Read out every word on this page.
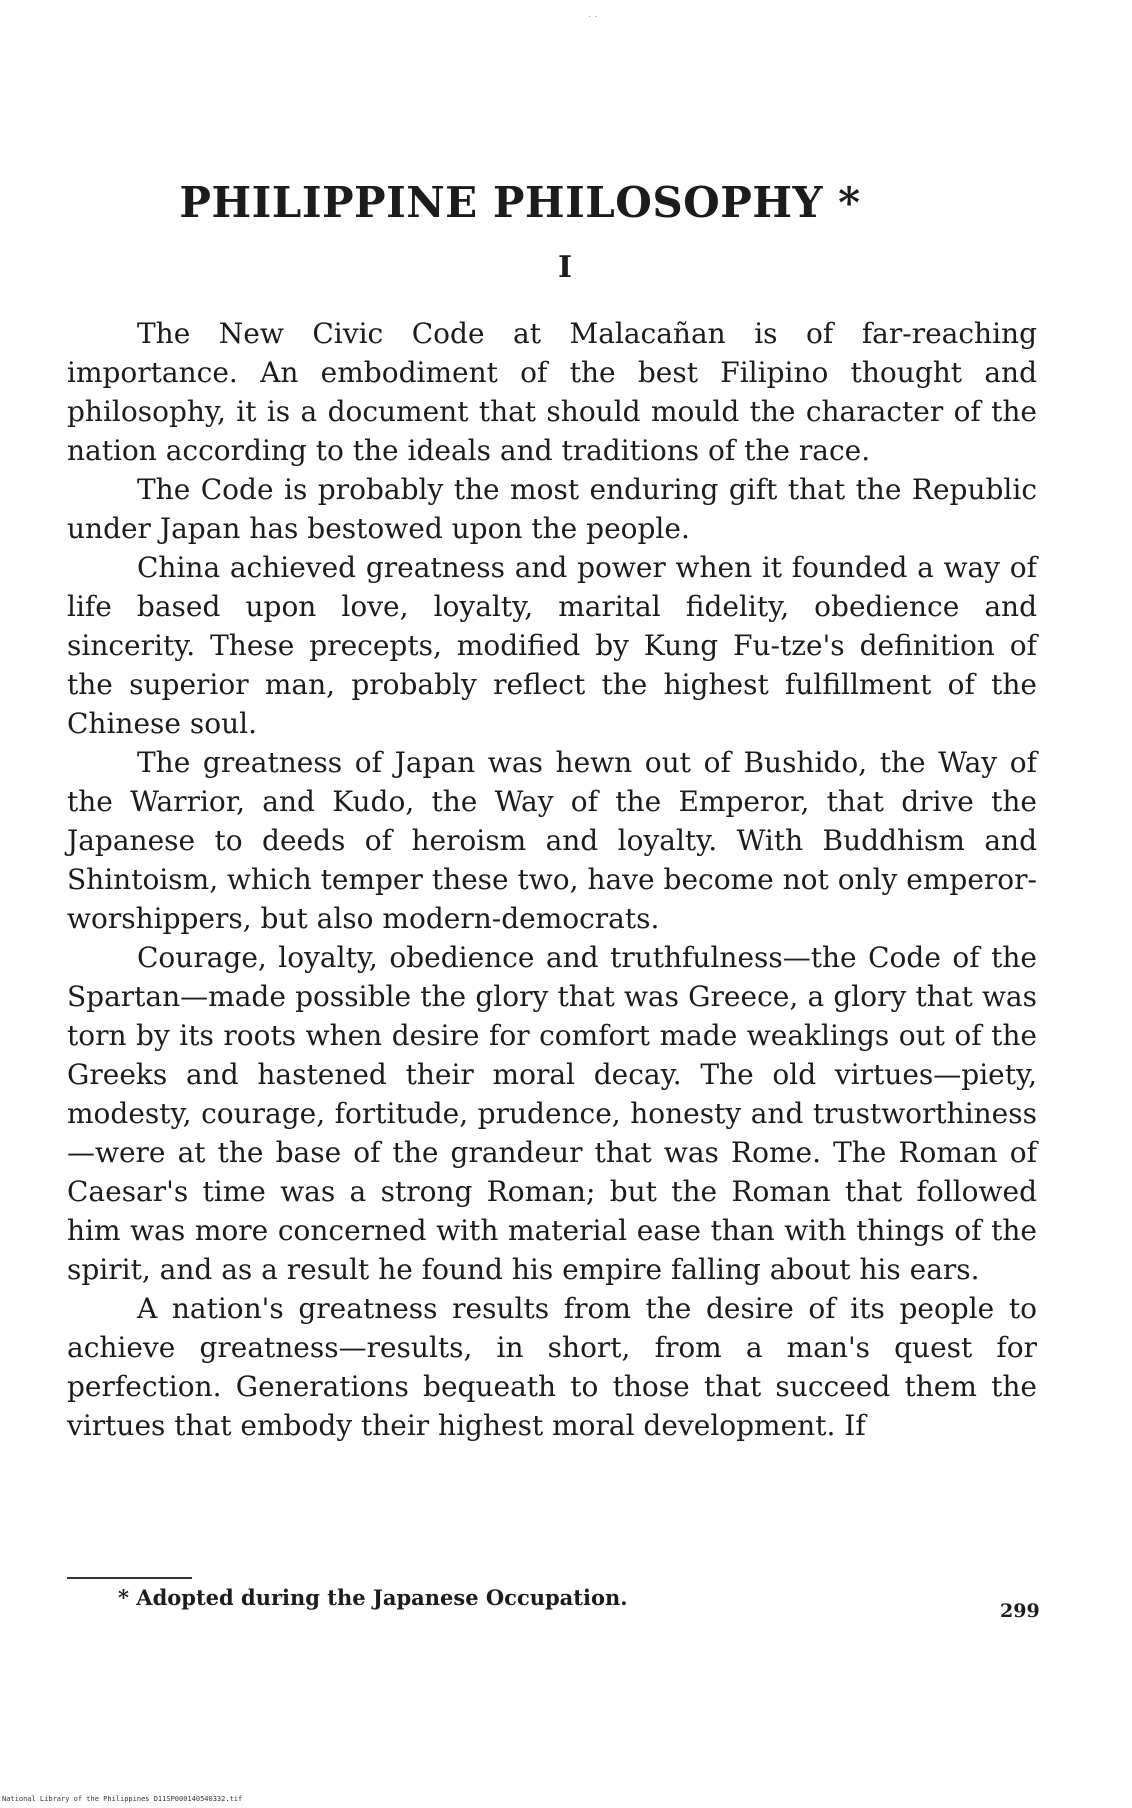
· ·
PHILIPPINE PHILOSOPHY *
I

The New Civic Code at Malacañan is of far-reaching importance. An embodiment of the best Filipino thought and philosophy, it is a document that should mould the character of the nation according to the ideals and traditions of the race.

The Code is probably the most enduring gift that the Republic under Japan has bestowed upon the people.

China achieved greatness and power when it founded a way of life based upon love, loyalty, marital fidelity, obedience and sincerity. These precepts, modified by Kung Fu-tze's definition of the superior man, probably reflect the highest fulfillment of the Chinese soul.

The greatness of Japan was hewn out of Bushido, the Way of the Warrior, and Kudo, the Way of the Emperor, that drive the Japanese to deeds of heroism and loyalty. With Buddhism and Shintoism, which temper these two, have become not only emperor-worshippers, but also modern-democrats.

Courage, loyalty, obedience and truthfulness—the Code of the Spartan—made possible the glory that was Greece, a glory that was torn by its roots when desire for comfort made weaklings out of the Greeks and hastened their moral decay. The old virtues—piety, modesty, courage, fortitude, prudence, honesty and trustworthiness—were at the base of the grandeur that was Rome. The Roman of Caesar's time was a strong Roman; but the Roman that followed him was more concerned with material ease than with things of the spirit, and as a result he found his empire falling about his ears.

A nation's greatness results from the desire of its people to achieve greatness—results, in short, from a man's quest for perfection. Generations bequeath to those that succeed them the virtues that embody their highest moral development. If

* Adopted during the Japanese Occupation.
299
National Library of the Philippines D11SP000140540332.tif
